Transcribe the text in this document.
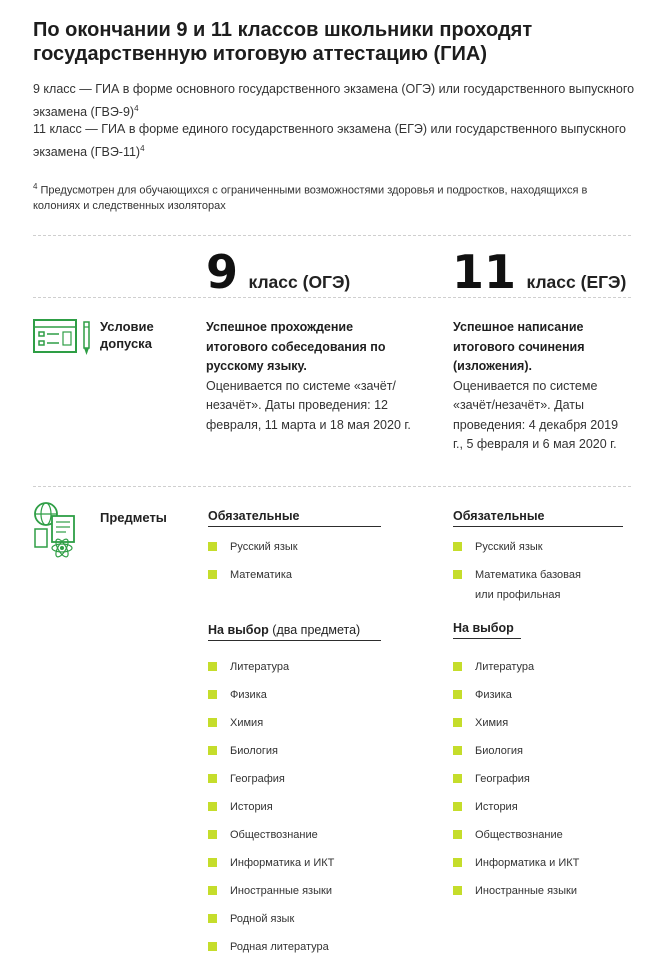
По окончании 9 и 11 классов школьники проходят государственную итоговую аттестацию (ГИА)
9 класс — ГИА в форме основного государственного экзамена (ОГЭ) или государственного выпускного экзамена $(ГВЭ-9)^4$
11 класс — ГИА в форме единого государственного экзамена (ЕГЭ) или государственного выпускного экзамена $(ГВЭ-11)^4$
$^4$ Предусмотрен для обучающихся с ограниченными возможностями здоровья и подростков, находящихся в колониях и следственных изоляторах
9 класс (ОГЭ) 11 класс (ЕГЭ)
Условие допуска
Успешное прохождение итогового собеседования по русскому языку.
Оценивается по системе «зачёт/незачёт». Даты проведения: 12 февраля, 11 марта и 18 мая 2020 г.
Успешное написание итогового сочинения (изложения).
Оценивается по системе «зачёт/незачёт». Даты проведения: 4 декабря 2019 г., 5 февраля и 6 мая 2020 г.
Предметы	Обязательные
Русский язык
Математика
На выбор (два предмета)
Литература
Физика
Химия
Биология
География
История
Обществознание
Информатика и ИКТ
Иностранные языки
Родной язык
Родная литература
Обязательные
Русский язык
Математика базовая или профильная
На выбор
Литература
Физика
Химия
Биология
География
История
Обществознание
Информатика и ИКТ
Иностранные языки
